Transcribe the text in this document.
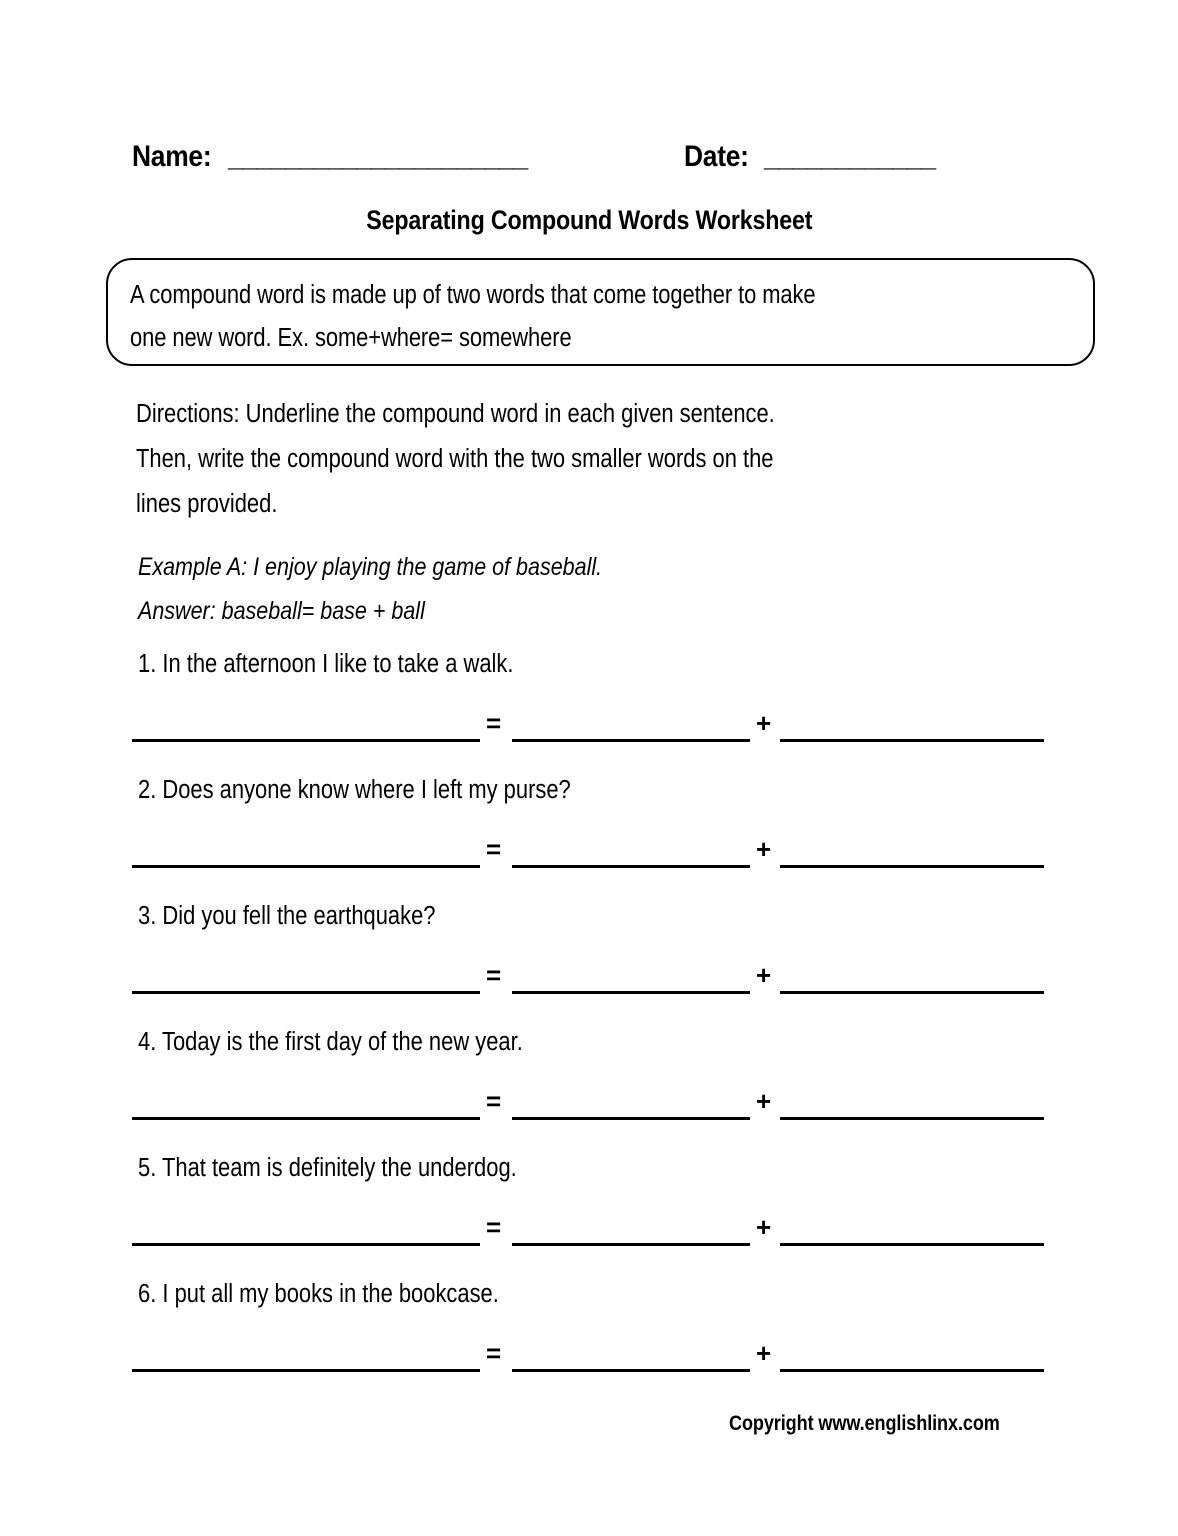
Name: _____________________	Date: ____________
Separating Compound Words Worksheet
A compound word is made up of two words that come together to make
one new word. Ex. some+where= somewhere
Directions: Underline the compound word in each given sentence.
Then, write the compound word with the two smaller words on the
lines provided.
Example A: I enjoy playing the game of baseball.
Answer: baseball= base + ball
1. In the afternoon I like to take a walk.
=	+
2. Does anyone know where I left my purse?
=	+
3. Did you fell the earthquake?
=	+
4. Today is the first day of the new year.
=	+
5. That team is definitely the underdog.
=	+
6. I put all my books in the bookcase.
=	+
Copyright www.englishlinx.com
